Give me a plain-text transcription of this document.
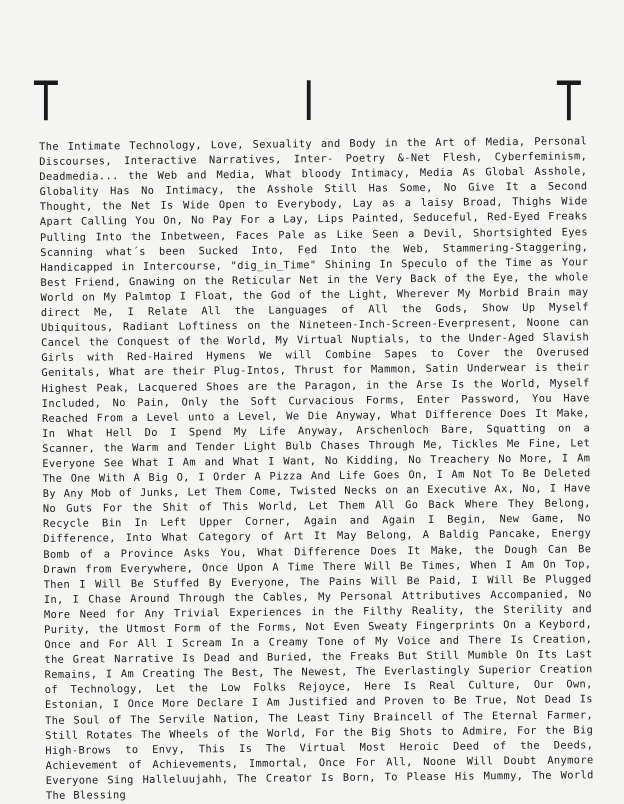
T	I	T
The Intimate Technology, Love, Sexuality and Body in the Art of Media, Personal Discourses, Interactive Narratives, Inter- Poetry &-Net Flesh, Cyberfeminism, Deadmedia... the Web and Media, What bloody Intimacy, Media As Global Asshole, Globality Has No Intimacy, the Asshole Still Has Some, No Give It a Second Thought, the Net Is Wide Open to Everybody, Lay as a laisy Broad, Thighs Wide Apart Calling You On, No Pay For a Lay, Lips Painted, Seduceful, Red-Eyed Freaks Pulling Into the Inbetween, Faces Pale as Like Seen a Devil, Shortsighted Eyes Scanning what´s been Sucked Into, Fed Into the Web, Stammering-Staggering, Handicapped in Intercourse, "dig_in_Time" Shining In Speculo of the Time as Your Best Friend, Gnawing on the Reticular Net in the Very Back of the Eye, the whole World on My Palmtop I Float, the God of the Light, Wherever My Morbid Brain may direct Me, I Relate All the Languages of All the Gods, Show Up Myself Ubiquitous, Radiant Loftiness on the Nineteen-Inch-Screen-Everpresent, Noone can Cancel the Conquest of the World, My Virtual Nuptials, to the Under-Aged Slavish Girls with Red-Haired Hymens We will Combine Sapes to Cover the Overused Genitals, What are their Plug-Intos, Thrust for Mammon, Satin Underwear is their Highest Peak, Lacquered Shoes are the Paragon, in the Arse Is the World, Myself Included, No Pain, Only the Soft Curvacious Forms, Enter Password, You Have Reached From a Level unto a Level, We Die Anyway, What Difference Does It Make, In What Hell Do I Spend My Life Anyway, Arschenloch Bare, Squatting on a Scanner, the Warm and Tender Light Bulb Chases Through Me, Tickles Me Fine, Let Everyone See What I Am and What I Want, No Kidding, No Treachery No More, I Am The One With A Big O, I Order A Pizza And Life Goes On, I Am Not To Be Deleted By Any Mob of Junks, Let Them Come, Twisted Necks on an Executive Ax, No, I Have No Guts For the Shit of This World, Let Them All Go Back Where They Belong, Recycle Bin In Left Upper Corner, Again and Again I Begin, New Game, No Difference, Into What Category of Art It May Belong, A Baldig Pancake, Energy Bomb of a Province Asks You, What Difference Does It Make, the Dough Can Be Drawn from Everywhere, Once Upon A Time There Will Be Times, When I Am On Top, Then I Will Be Stuffed By Everyone, The Pains Will Be Paid, I Will Be Plugged In, I Chase Around Through the Cables, My Personal Attributives Accompanied, No More Need for Any Trivial Experiences in the Filthy Reality, the Sterility and Purity, the Utmost Form of the Forms, Not Even Sweaty Fingerprints On a Keybord, Once and For All I Scream In a Creamy Tone of My Voice and There Is Creation, the Great Narrative Is Dead and Buried, the Freaks But Still Mumble On Its Last Remains, I Am Creating The Best, The Newest, The Everlastingly Superior Creation of Technology, Let the Low Folks Rejoyce, Here Is Real Culture, Our Own, Estonian, I Once More Declare I Am Justified and Proven to Be True, Not Dead Is The Soul of The Servile Nation, The Least Tiny Braincell of The Eternal Farmer, Still Rotates The Wheels of the World, For the Big Shots to Admire, For the Big High-Brows to Envy, This Is The Virtual Most Heroic Deed of the Deeds, Achievement of Achievements, Immortal, Once For All, Noone Will Doubt Anymore Everyone Sing Halleluujahh, The Creator Is Born, To Please His Mummy, The World The Blessing
